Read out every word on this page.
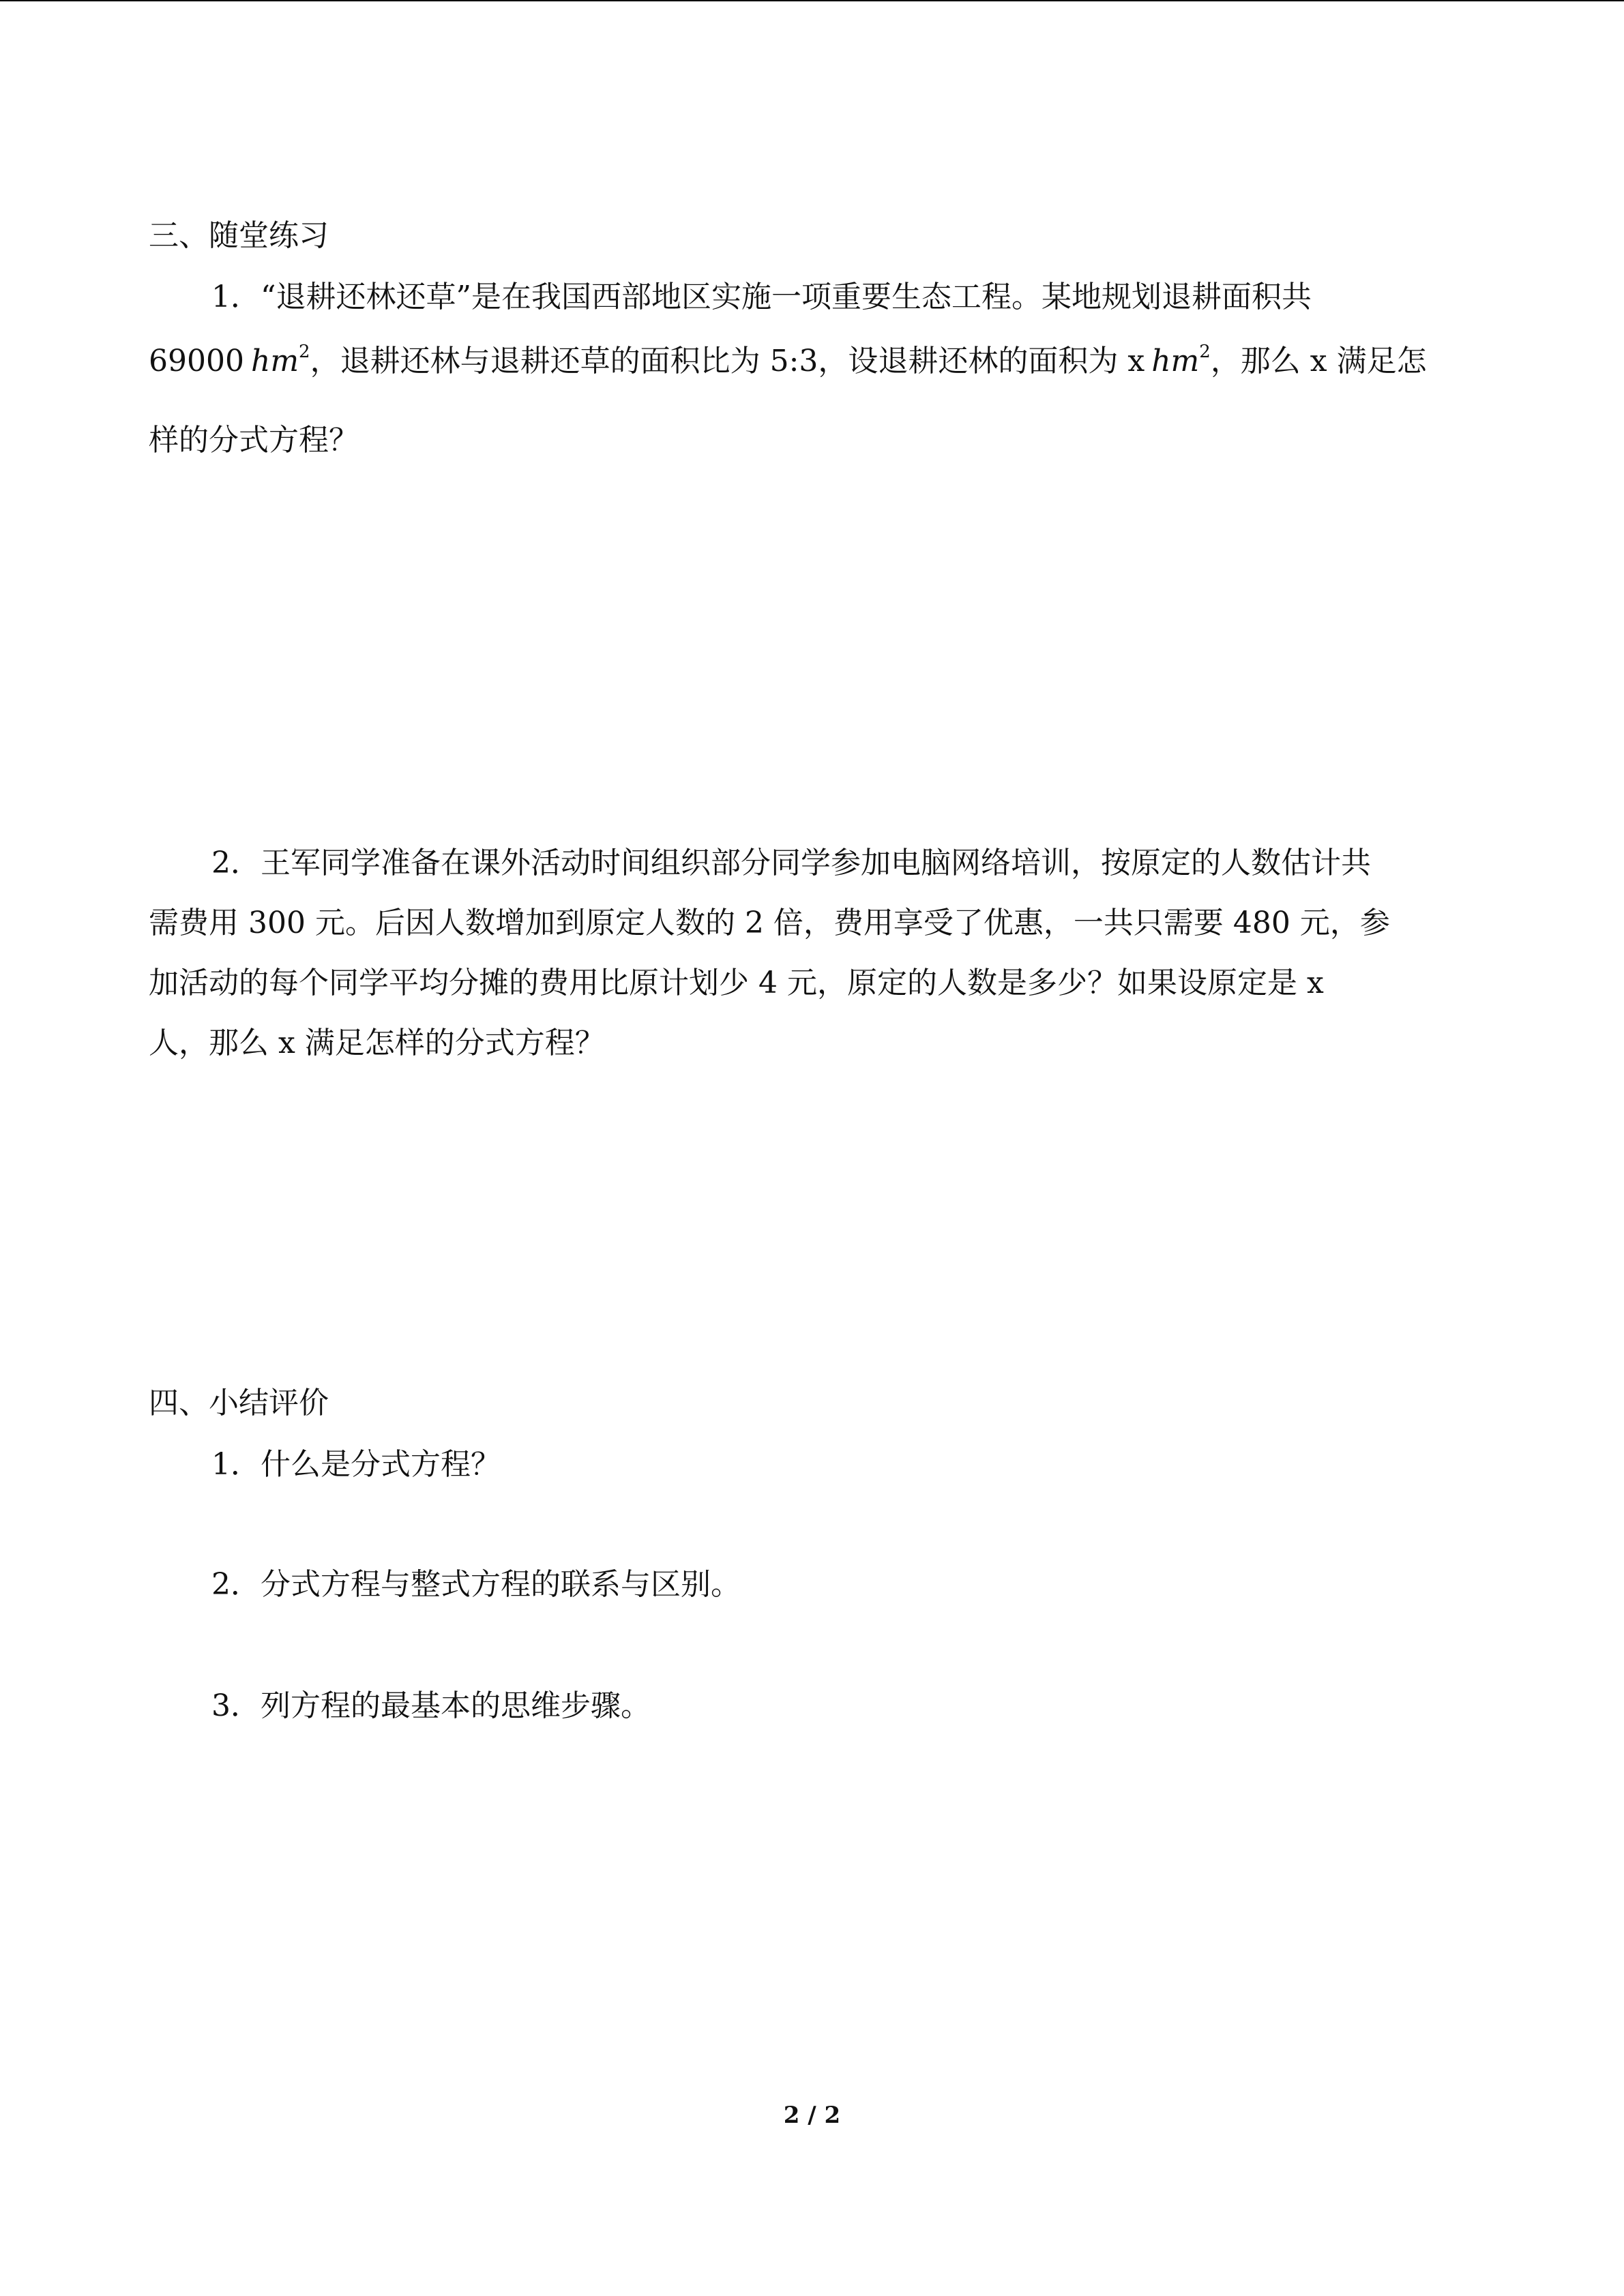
三、随堂练习
1．“退耕还林还草”是在我国西部地区实施一项重要生态工程。某地规划退耕面积共
69000 $hm^2$，退耕还林与退耕还草的面积比为 5:3，设退耕还林的面积为 x $hm^2$，那么 x 满足怎
样的分式方程？
2．王军同学准备在课外活动时间组织部分同学参加电脑网络培训，按原定的人数估计共
需费用 300 元。后因人数增加到原定人数的 2 倍，费用享受了优惠，一共只需要 480 元，参
加活动的每个同学平均分摊的费用比原计划少 4 元，原定的人数是多少？如果设原定是 x
人，那么 x 满足怎样的分式方程？
四、小结评价
1．什么是分式方程？
2．分式方程与整式方程的联系与区别。
3．列方程的最基本的思维步骤。
2 / 2
